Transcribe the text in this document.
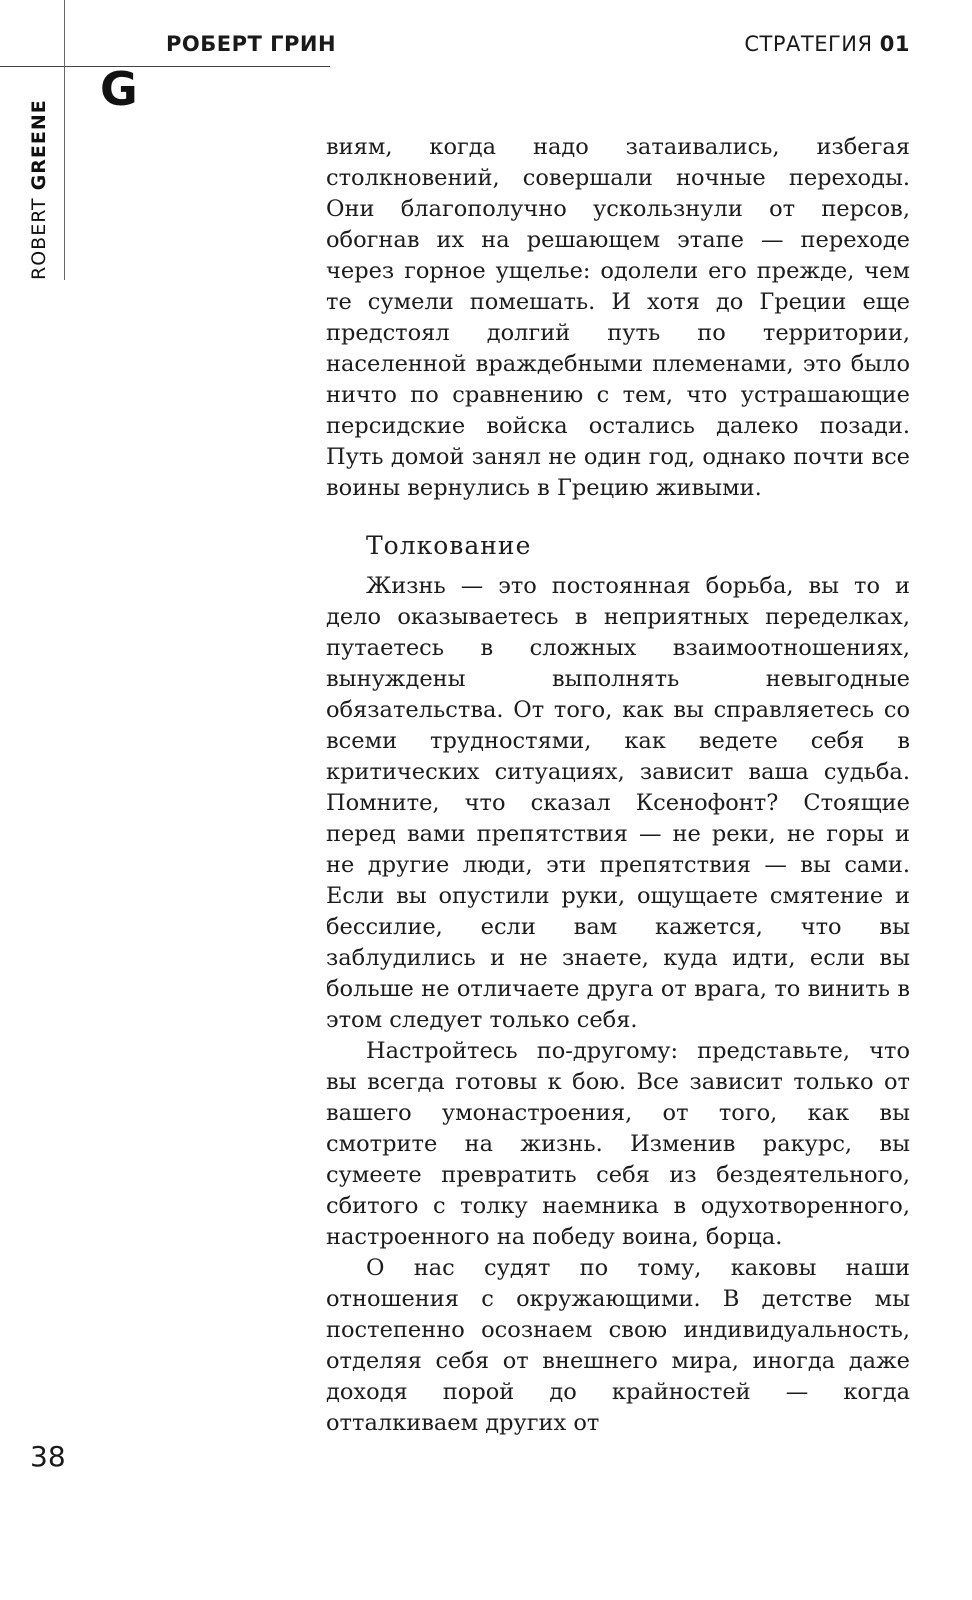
РОБЕРТ ГРИН	СТРАТЕГИЯ 01
G
ROBERT GREENE	виям, когда надо затаивались, избегая столкновений, совершали ночные переходы. Они благополучно ускользнули от персов, обогнав их на решающем этапе — переходе через горное ущелье: одолели его прежде, чем те сумели помешать. И хотя до Греции еще предстоял долгий путь по территории, населенной враждебными племенами, это было ничто по сравнению с тем, что устрашающие персидские войска остались далеко позади. Путь домой занял не один год, однако почти все воины вернулись в Грецию живыми.

Толкование

Жизнь — это постоянная борьба, вы то и дело оказываетесь в неприятных переделках, путаетесь в сложных взаимоотношениях, вынуждены выполнять невыгодные обязательства. От того, как вы справляетесь со всеми трудностями, как ведете себя в критических ситуациях, зависит ваша судьба. Помните, что сказал Ксенофонт? Стоящие перед вами препятствия — не реки, не горы и не другие люди, эти препятствия — вы сами. Если вы опустили руки, ощущаете смятение и бессилие, если вам кажется, что вы заблудились и не знаете, куда идти, если вы больше не отличаете друга от врага, то винить в этом следует только себя.

Настройтесь по-другому: представьте, что вы всегда готовы к бою. Все зависит только от вашего умонастроения, от того, как вы смотрите на жизнь. Изменив ракурс, вы сумеете превратить себя из бездеятельного, сбитого с толку наемника в одухотворенного, настроенного на победу воина, борца.

О нас судят по тому, каковы наши отношения с окружающими. В детстве мы постепенно осознаем свою индивидуальность, отделяя себя от внешнего мира, иногда даже доходя порой до крайностей — когда отталкиваем других от

38
